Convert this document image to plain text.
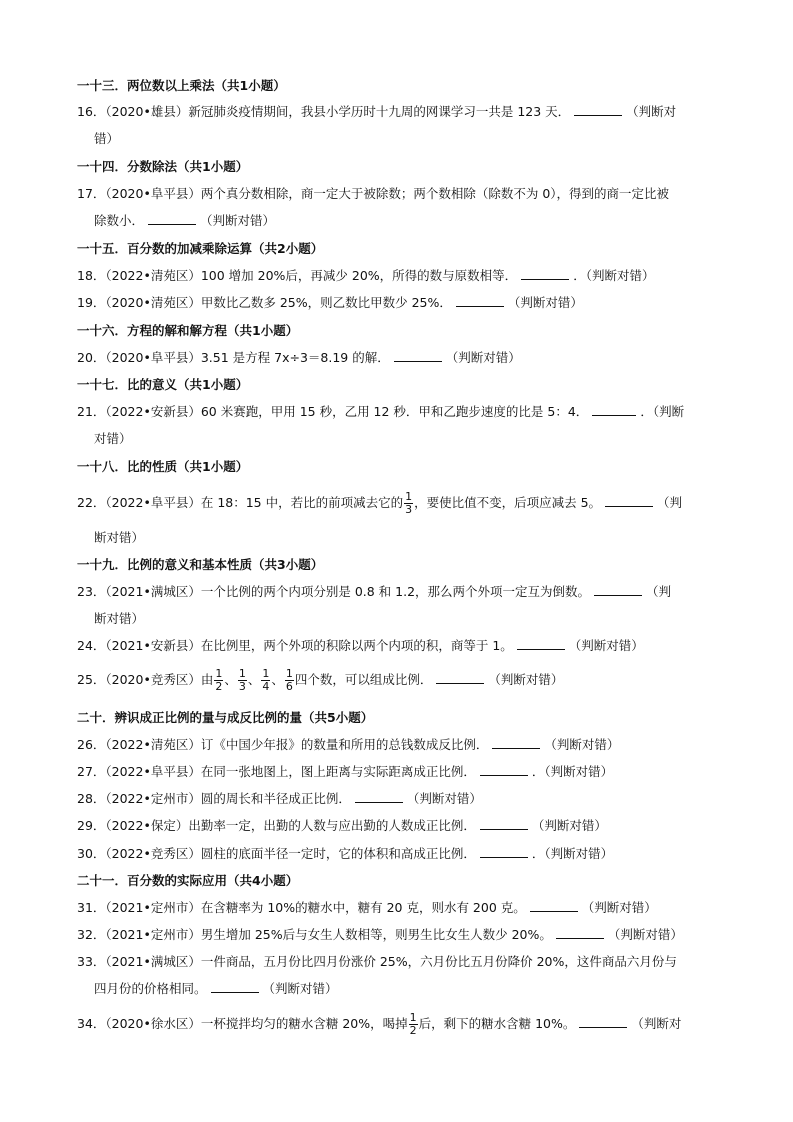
一十三．两位数以上乘法（共1小题）
16．（2020•雄县）新冠肺炎疫情期间，我县小学历时十九周的网课学习一共是 123 天．	（判断对
错）
一十四．分数除法（共1小题）
17．（2020•阜平县）两个真分数相除，商一定大于被除数；两个数相除（除数不为 0），得到的商一定比被
除数小．	（判断对错）
一十五．百分数的加减乘除运算（共2小题）
18．（2022•清苑区）100 增加 20%后，再减少 20%，所得的数与原数相等．	．（判断对错）
19．（2020•清苑区）甲数比乙数多 25%，则乙数比甲数少 25%．	（判断对错）
一十六．方程的解和解方程（共1小题）
20．（2020•阜平县）3.51 是方程 7x÷3＝8.19 的解．	（判断对错）
一十七．比的意义（共1小题）
21．（2022•安新县）60 米赛跑，甲用 15 秒，乙用 12 秒．甲和乙跑步速度的比是 5：4．	．（判断
对错）
一十八．比的性质（共1小题）
22．（2022•阜平县）在 18：15 中，若比的前项减去它的 $\frac{1}{3}$ ，要使比值不变，后项应减去 5。	（判
断对错）
一十九．比例的意义和基本性质（共3小题）
23．（2021•满城区）一个比例的两个内项分别是 0.8 和 1.2，那么两个外项一定互为倒数。	（判
断对错）
24．（2021•安新县）在比例里，两个外项的积除以两个内项的积，商等于 1。	（判断对错）
25．（2020•竞秀区）由 $\frac{1}{2}$ 、 $\frac{1}{3}$ 、 $\frac{1}{4}$ 、 $\frac{1}{6}$ 四个数，可以组成比例．	（判断对错）
二十．辨识成正比例的量与成反比例的量（共5小题）
26．（2022•清苑区）订《中国少年报》的数量和所用的总钱数成反比例．	（判断对错）
27．（2022•阜平县）在同一张地图上，图上距离与实际距离成正比例．	．（判断对错）
28．（2022•定州市）圆的周长和半径成正比例．	（判断对错）
29．（2022•保定）出勤率一定，出勤的人数与应出勤的人数成正比例．	（判断对错）
30．（2022•竞秀区）圆柱的底面半径一定时，它的体积和高成正比例．	．（判断对错）
二十一．百分数的实际应用（共4小题）
31．（2021•定州市）在含糖率为 10%的糖水中，糖有 20 克，则水有 200 克。	（判断对错）
32．（2021•定州市）男生增加 25%后与女生人数相等，则男生比女生人数少 20%。	（判断对错）
33．（2021•满城区）一件商品，五月份比四月份涨价 25%，六月份比五月份降价 20%，这件商品六月份与
四月份的价格相同。	（判断对错）
34．（2020•徐水区）一杯搅拌均匀的糖水含糖 20%，喝掉 $\frac{1}{2}$ 后，剩下的糖水含糖 10%。	（判断对
